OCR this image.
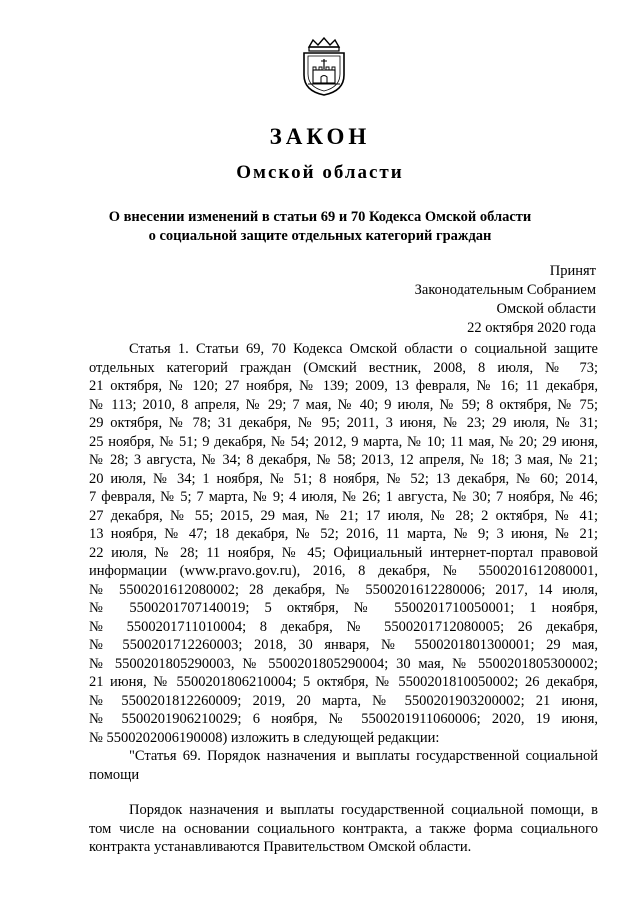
ЗАКОН
Омской области
О внесении изменений в статьи 69 и 70 Кодекса Омской области
о социальной защите отдельных категорий граждан
Принят
Законодательным Собранием
Омской области
22 октября 2020 года
Статья 1. Статьи 69, 70 Кодекса Омской области о социальной защите
отдельных категорий граждан (Омский вестник, 2008, 8 июля, № 73;
21 октября, № 120; 27 ноября, № 139; 2009, 13 февраля, № 16; 11 декабря,
№ 113; 2010, 8 апреля, № 29; 7 мая, № 40; 9 июля, № 59; 8 октября, № 75;
29 октября, № 78; 31 декабря, № 95; 2011, 3 июня, № 23; 29 июля, № 31;
25 ноября, № 51; 9 декабря, № 54; 2012, 9 марта, № 10; 11 мая, № 20; 29 июня,
№ 28; 3 августа, № 34; 8 декабря, № 58; 2013, 12 апреля, № 18; 3 мая, № 21;
20 июля, № 34; 1 ноября, № 51; 8 ноября, № 52; 13 декабря, № 60; 2014,
7 февраля, № 5; 7 марта, № 9; 4 июля, № 26; 1 августа, № 30; 7 ноября, № 46;
27 декабря, № 55; 2015, 29 мая, № 21; 17 июля, № 28; 2 октября, № 41;
13 ноября, № 47; 18 декабря, № 52; 2016, 11 марта, № 9; 3 июня, № 21;
22 июля, № 28; 11 ноября, № 45; Официальный интернет-портал правовой
информации (www.pravo.gov.ru), 2016, 8 декабря, № 5500201612080001,
№ 5500201612080002; 28 декабря, № 5500201612280006; 2017, 14 июля,
№ 5500201707140019; 5 октября, № 5500201710050001; 1 ноября,
№ 5500201711010004; 8 декабря, № 5500201712080005; 26 декабря,
№ 5500201712260003; 2018, 30 января, № 5500201801300001; 29 мая,
№ 5500201805290003, № 5500201805290004; 30 мая, № 5500201805300002;
21 июня, № 5500201806210004; 5 октября, № 5500201810050002; 26 декабря,
№ 5500201812260009; 2019, 20 марта, № 5500201903200002; 21 июня,
№ 5500201906210029; 6 ноября, № 5500201911060006; 2020, 19 июня,
№ 5500202006190008) изложить в следующей редакции:
"Статья 69. Порядок назначения и выплаты государственной социальной
помощи
Порядок назначения и выплаты государственной социальной помощи, в
том числе на основании социального контракта, а также форма социального
контракта устанавливаются Правительством Омской области.
